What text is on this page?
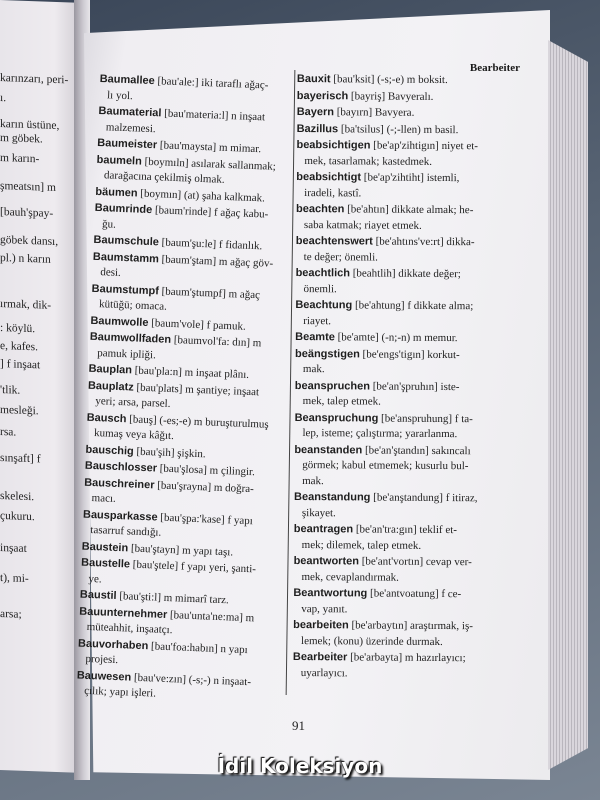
karınzarı, peri-
ı.
karın üstüne,
m göbek.
m karın-
şmeatsın] m
[bauh'şpay-
göbek dansı,
pl.) n karın
ırmak, dik-
: köylü.
e, kafes.
] f inşaat
'tlik.
mesleği.
rsa.
sınşaft] f
skelesi.
çukuru.
inşaat
t), mi-
arsa;
Bearbeiter
Baumallee [bau'ale:] iki taraflı ağaç-
lı yol.
Baumaterial [bau'materia:l] n inşaat
malzemesi.
Baumeister [bau'maysta] m mimar.
baumeln [boymıln] asılarak sallanmak;
darağacına çekilmiş olmak.
bäumen [boymın] (at) şaha kalkmak.
Baumrinde [baum'rinde] f ağaç kabu-
ğu.
Baumschule [baum'şu:le] f fidanlık.
Baumstamm [baum'ştam] m ağaç göv-
desi.
Baumstumpf [baum'ştumpf] m ağaç
kütüğü; omaca.
Baumwolle [baum'vole] f pamuk.
Baumwollfaden [baumvol'fa: dın] m
pamuk ipliği.
Bauplan [bau'pla:n] m inşaat plânı.
Bauplatz [bau'plats] m şantiye; inşaat
yeri; arsa, parsel.
Bausch [bauş] (-es;-e) m buruşturulmuş
kumaş veya kâğıt.
bauschig [bau'şih] şişkin.
Bauschlosser [bau'şlosa] m çilingir.
Bauschreiner [bau'şrayna] m doğra-
macı.
Bausparkasse [bau'şpa:'kase] f yapı
tasarruf sandığı.
Baustein [bau'ştayn] m yapı taşı.
Baustelle [bau'ştele] f yapı yeri, şanti-
ye.
Baustil [bau'şti:l] m mimarî tarz.
Bauunternehmer [bau'unta'ne:ma] m
müteahhit, inşaatçı.
Bauvorhaben [bau'foa:habın] n yapı
projesi.
Bauwesen [bau've:zın] (-s;-) n inşaat-
çılık; yapı işleri.
Bauxit [bau'ksit] (-s;-e) m boksit.
bayerisch [bayriş] Bavyeralı.
Bayern [bayırn] Bavyera.
Bazillus [ba'tsilus] (-;-llen) m basil.
beabsichtigen [be'ap'zihtigın] niyet et-
mek, tasarlamak; kastedmek.
beabsichtigt [be'ap'zihtiht] istemli,
iradeli, kastî.
beachten [be'ahtın] dikkate almak; he-
saba katmak; riayet etmek.
beachtenswert [be'ahtıns've:rt] dikka-
te değer; önemli.
beachtlich [beahtlih] dikkate değer;
önemli.
Beachtung [be'ahtung] f dikkate alma;
riayet.
Beamte [be'amte] (-n;-n) m memur.
beängstigen [be'engs'tigın] korkut-
mak.
beanspruchen [be'an'şpruhın] iste-
mek, talep etmek.
Beanspruchung [be'anspruhung] f ta-
lep, isteme; çalıştırma; yararlanma.
beanstanden [be'an'ştandın] sakıncalı
görmek; kabul etmemek; kusurlu bul-
mak.
Beanstandung [be'anştandung] f itiraz,
şikayet.
beantragen [be'an'tra:gın] teklif et-
mek; dilemek, talep etmek.
beantworten [be'ant'vortın] cevap ver-
mek, cevaplandırmak.
Beantwortung [be'antvoatung] f ce-
vap, yanıt.
bearbeiten [be'arbaytın] araştırmak, iş-
lemek; (konu) üzerinde durmak.
Bearbeiter [be'arbayta] m hazırlayıcı;
uyarlayıcı.
91
İdil Koleksiyon
